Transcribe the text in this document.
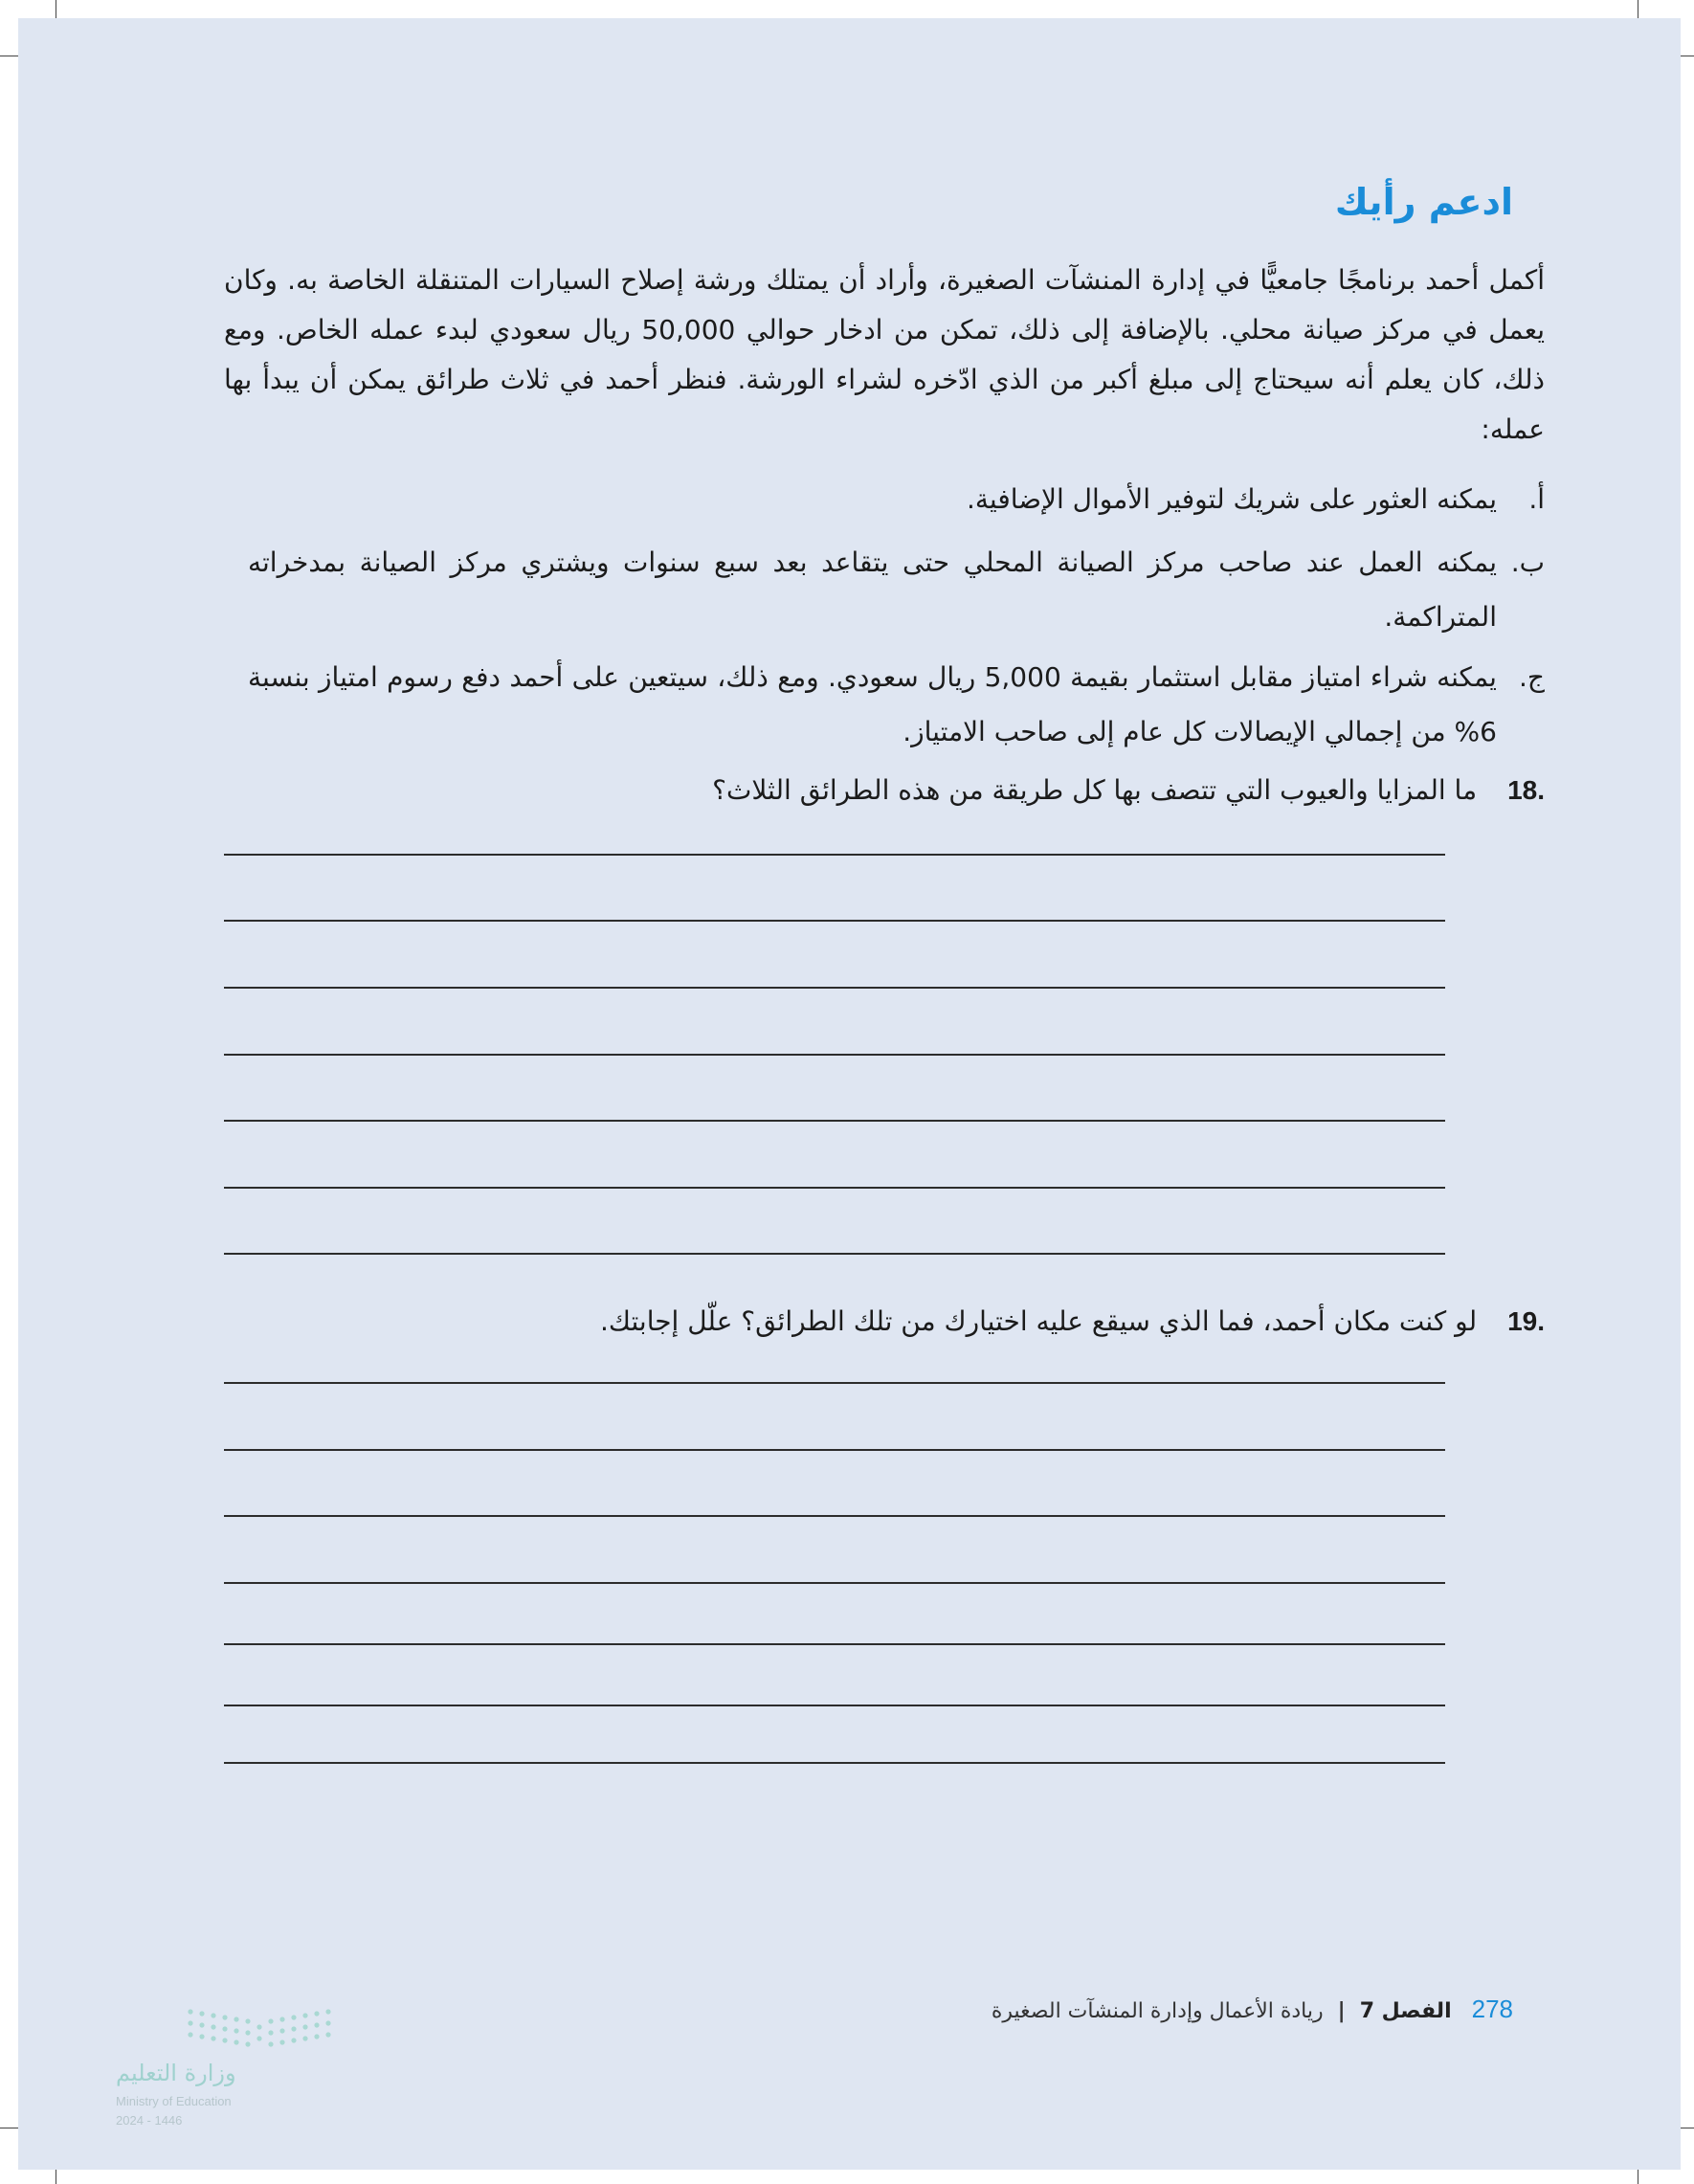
ادعم رأيك
أكمل أحمد برنامجًا جامعيًّا في إدارة المنشآت الصغيرة، وأراد أن يمتلك ورشة إصلاح السيارات المتنقلة الخاصة به. وكان يعمل في مركز صيانة محلي. بالإضافة إلى ذلك، تمكن من ادخار حوالي 50,000 ريال سعودي لبدء عمله الخاص. ومع ذلك، كان يعلم أنه سيحتاج إلى مبلغ أكبر من الذي ادّخره لشراء الورشة. فنظر أحمد في ثلاث طرائق يمكن أن يبدأ بها عمله:
أ.يمكنه العثور على شريك لتوفير الأموال الإضافية.
ب.يمكنه العمل عند صاحب مركز الصيانة المحلي حتى يتقاعد بعد سبع سنوات ويشتري مركز الصيانة بمدخراته المتراكمة.
ج.يمكنه شراء امتياز مقابل استثمار بقيمة 5,000 ريال سعودي. ومع ذلك، سيتعين على أحمد دفع رسوم امتياز بنسبة 6% من إجمالي الإيصالات كل عام إلى صاحب الامتياز.
18. ما المزايا والعيوب التي تتصف بها كل طريقة من هذه الطرائق الثلاث؟
19. لو كنت مكان أحمد، فما الذي سيقع عليه اختيارك من تلك الطرائق؟ علّل إجابتك.
278 الفصل 7 | ريادة الأعمال وإدارة المنشآت الصغيرة
وزارة التعليم
Ministry of Education
2024 - 1446
